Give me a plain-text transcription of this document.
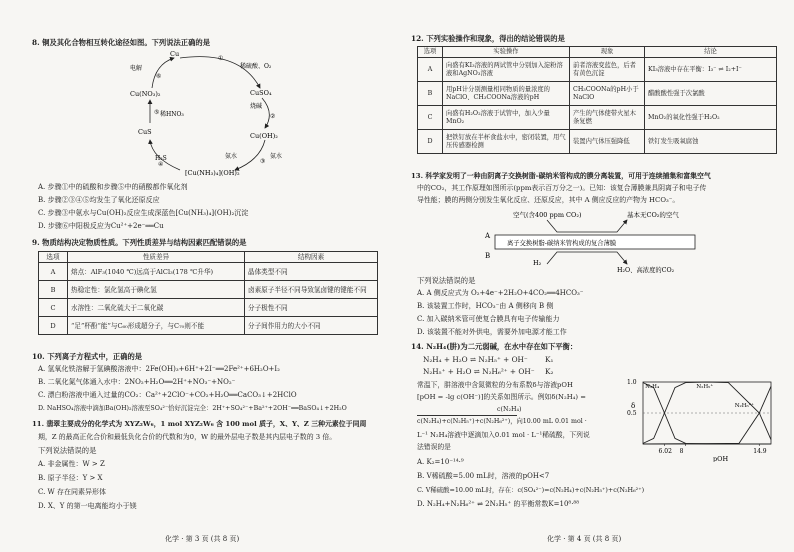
8. 铜及其化合物相互转化途径如图。下列说法正确的是
Cu
CuSO₄
Cu(OH)₂
[Cu(NH₃)₄](OH)₂
CuS
Cu(NO₃)₂
稀硫酸、O₂
电解
烧碱
氨水
氨水
H₂S
稀HNO₃
①
②
③
④
⑤
⑥
A. 步骤①中的硫酸和步骤⑤中的硝酸都作氧化剂
B. 步骤②③④⑤均发生了氧化还原反应
C. 步骤③中氨水与Cu(OH)₂反应生成深蓝色[Cu(NH₃)₄](OH)₂沉淀
D. 步骤⑥中阳极反应为Cu²⁺+2e⁻══Cu
9. 物质结构决定物质性质。下列性质差异与结构因素匹配错误的是
选项	性质差异	结构因素
A	熔点：AlF₃(1040 ℃)远高于AlCl₃(178 ℃升华)	晶体类型不同
B	热稳定性：氯化氢高于碘化氢	卤素原子半径不同导致氢卤键的键能不同
C	水溶性：二氧化硫大于二氧化碳	分子极性不同
D	“足”杯酚“能”与C₆₀形成超分子，与C₇₀则不能	分子间作用力的大小不同
10. 下列离子方程式中，正确的是
A. 氢氧化铁溶解于氢碘酸溶液中：2Fe(OH)₃+6H⁺+2I⁻══2Fe²⁺+6H₂O+I₂
B. 二氧化氮气体通入水中：2NO₂+H₂O══2H⁺+NO₃⁻+NO₂⁻
C. 漂白粉溶液中通入过量的CO₂：Ca²⁺+2ClO⁻+CO₂+H₂O══CaCO₃↓+2HClO
D. NaHSO₄溶液中滴加Ba(OH)₂溶液至SO₄²⁻恰好沉淀完全：2H⁺+SO₄²⁻+Ba²⁺+2OH⁻══BaSO₄↓+2H₂O
11. 翡翠主要成分的化学式为 XYZ₂W₆，1 mol XYZ₂W₆ 含 100 mol 质子，X、Y、Z 三种元素位于同周
期，Z 的最高正化合价和最低负化合价的代数和为0，W 的最外层电子数是其内层电子数的 3 倍。
下列说法错误的是
A. 非金属性：W > Z
B. 原子半径：Y > X
C. W 存在同素异形体
D. X、Y 的第一电离能均小于镁
化学 · 第 3 页 (共 8 页)
12. 下列实验操作和现象，得出的结论错误的是
选项	实验操作	现象	结论
A	向盛有KI₃溶液的两试管中分别加入淀粉溶液和AgNO₃溶液	前者溶液变蓝色，后者有黄色沉淀	KI₃溶液中存在平衡：I₃⁻ ⇌ I₂+I⁻
B	用pH计分别测量相同物质的量浓度的NaClO、CH₃COONa溶液的pH	CH₃COONa的pH小于NaClO	醋酸酸性强于次氯酸
C	向盛有H₂O₂溶液于试管中，加入少量MnO₂	产生的气体使带火星木条复燃	MnO₂的氧化性强于H₂O₂
D	把铁钉放在半杯食盐水中，密闭装置，用气压传感器检测	装置内气体压强降低	铁钉发生吸氧腐蚀
13. 科学家发明了一种由阴离子交换树脂-碳纳米管构成的膜分离装置，可用于连续捕集和富集空气
中的CO₂，其工作原理如图所示(ppm表示百万分之一)。已知：该复合薄膜兼具阴离子和电子传
导性能；膜的两侧分别发生氧化反应、还原反应，其中 A 侧应反应的产物为 HCO₃⁻。
空气(含400 ppm CO₂)	基本无CO₂的空气
A
离子交换树脂-碳纳米管构成的复合薄膜
B
H₂
H₂O、高浓度的CO₂
下列说法错误的是
A. A 侧反应式为 O₂+4e⁻+2H₂O+4CO₂══4HCO₃⁻
B. 该装置工作时，HCO₃⁻由 A 侧移向 B 侧
C. 加入碳纳米管可使复合膜具有电子传输能力
D. 该装置不能对外供电，需要外加电源才能工作
14. N₂H₄(肼)为二元弱碱，在水中存在如下平衡：
N₂H₄ + H₂O ⇌ N₂H₅⁺ + OH⁻ K₁
N₂H₅⁺ + H₂O ⇌ N₂H₆²⁺ + OH⁻ K₂
常温下，肼溶液中含氮微粒的分布系数δ与溶液pOH
[pOH = -lg c(OH⁻)]的关系如图所示。例如δ(N₂H₄) =
c(N₂H₄)
c(N₂H₄)+c(N₂H₅⁺)+c(N₂H₆²⁺)，向10.00 mL 0.01 mol ·
L⁻¹ N₂H₄溶液中逐滴加入0.01 mol · L⁻¹稀硫酸，下列说
法错误的是
6.02 8	14.9
0.5
1.0
δ
pOH
N₂H₄	N₂H₅⁺
N₂H₆²⁺
A. K₂=10⁻¹⁴·⁹
B. V稀硫酸=5.00 mL时，溶液的pOH<7
C. V稀硫酸=10.00 mL时，存在：c(SO₄²⁻)=c(N₂H₄)+c(N₂H₅⁺)+c(N₂H₆²⁺)
D. N₂H₄+N₂H₆²⁺ ⇌ 2N₂H₅⁺ 的平衡常数K=10⁸·⁸⁸
化学 · 第 4 页 (共 8 页)
